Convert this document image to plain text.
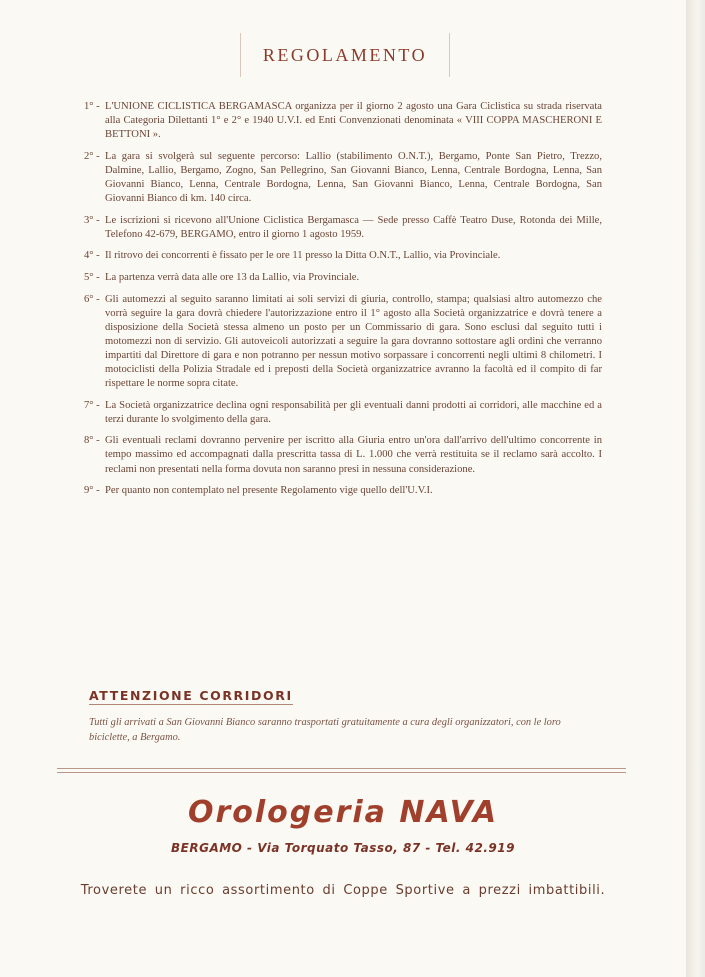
REGOLAMENTO
1° - L'UNIONE CICLISTICA BERGAMASCA organizza per il giorno 2 agosto una Gara Ciclistica su strada riservata alla Categoria Dilettanti 1° e 2° e 1940 U.V.I. ed Enti Convenzionati denominata « VIII COPPA MASCHERONI E BETTONI ».
2° - La gara si svolgerà sul seguente percorso: Lallio (stabilimento O.N.T.), Bergamo, Ponte San Pietro, Trezzo, Dalmine, Lallio, Bergamo, Zogno, San Pellegrino, San Giovanni Bianco, Lenna, Centrale Bordogna, Lenna, San Giovanni Bianco, Lenna, Centrale Bordogna, Lenna, San Giovanni Bianco, Lenna, Centrale Bordogna, San Giovanni Bianco di km. 140 circa.
3° - Le iscrizioni si ricevono all'Unione Ciclistica Bergamasca — Sede presso Caffè Teatro Duse, Rotonda dei Mille, Telefono 42-679, BERGAMO, entro il giorno 1 agosto 1959.
4° - Il ritrovo dei concorrenti è fissato per le ore 11 presso la Ditta O.N.T., Lallio, via Provinciale.
5° - La partenza verrà data alle ore 13 da Lallio, via Provinciale.
6° - Gli automezzi al seguito saranno limitati ai soli servizi di giuria, controllo, stampa; qualsiasi altro automezzo che vorrà seguire la gara dovrà chiedere l'autorizzazione entro il 1° agosto alla Società organizzatrice e dovrà tenere a disposizione della Società stessa almeno un posto per un Commissario di gara. Sono esclusi dal seguito tutti i motomezzi non di servizio. Gli autoveicoli autorizzati a seguire la gara dovranno sottostare agli ordini che verranno impartiti dal Direttore di gara e non potranno per nessun motivo sorpassare i concorrenti negli ultimi 8 chilometri. I motociclisti della Polizia Stradale ed i preposti della Società organizzatrice avranno la facoltà ed il compito di far rispettare le norme sopra citate.
7° - La Società organizzatrice declina ogni responsabilità per gli eventuali danni prodotti ai corridori, alle macchine ed a terzi durante lo svolgimento della gara.
8° - Gli eventuali reclami dovranno pervenire per iscritto alla Giuria entro un'ora dall'arrivo dell'ultimo concorrente in tempo massimo ed accompagnati dalla prescritta tassa di L. 1.000 che verrà restituita se il reclamo sarà accolto. I reclami non presentati nella forma dovuta non saranno presi in nessuna considerazione.
9° - Per quanto non contemplato nel presente Regolamento vige quello dell'U.V.I.
ATTENZIONE CORRIDORI
Tutti gli arrivati a San Giovanni Bianco saranno trasportati gratuitamente a cura degli organizzatori, con le loro biciclette, a Bergamo.
Orologeria NAVA
BERGAMO - Via Torquato Tasso, 87 - Tel. 42.919
Troverete un ricco assortimento di Coppe Sportive a prezzi imbattibili.
